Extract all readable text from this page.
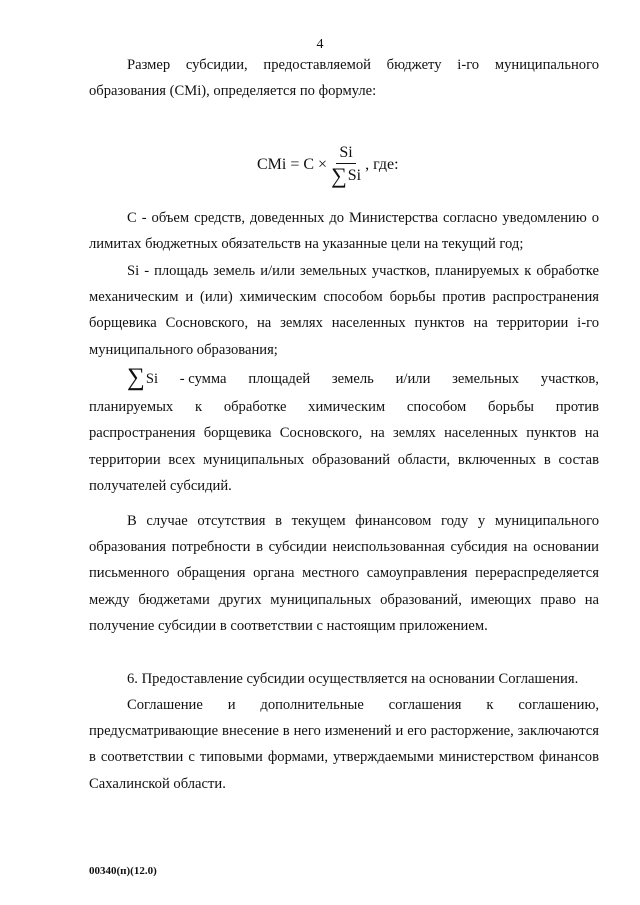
4

Размер субсидии, предоставляемой бюджету i-го муниципального образования (СМi), определяется по формуле:

СМi = $С \times \frac{Si}{\sum Si}$ , где:

С - объем средств, доведенных до Министерства согласно уведомлению о лимитах бюджетных обязательств на указанные цели на текущий год;

Si - площадь земель и/или земельных участков, планируемых к обработке механическим и (или) химическим способом борьбы против распространения борщевика Сосновского, на землях населенных пунктов на территории i-го муниципального образования;

∑Si - сумма площадей земель и/или земельных участков,
планируемых к обработке химическим способом борьбы против распространения борщевика Сосновского, на землях населенных пунктов на территории всех муниципальных образований области, включенных в состав получателей субсидий.

В случае отсутствия в текущем финансовом году у муниципального образования потребности в субсидии неиспользованная субсидия на основании письменного обращения органа местного самоуправления перераспределяется между бюджетами других муниципальных образований, имеющих право на получение субсидии в соответствии с настоящим приложением.

6. Предоставление субсидии осуществляется на основании Соглашения.

Соглашение и дополнительные соглашения к соглашению, предусматривающие внесение в него изменений и его расторжение, заключаются в соответствии с типовыми формами, утверждаемыми министерством финансов Сахалинской области.

00340(п)(12.0)
